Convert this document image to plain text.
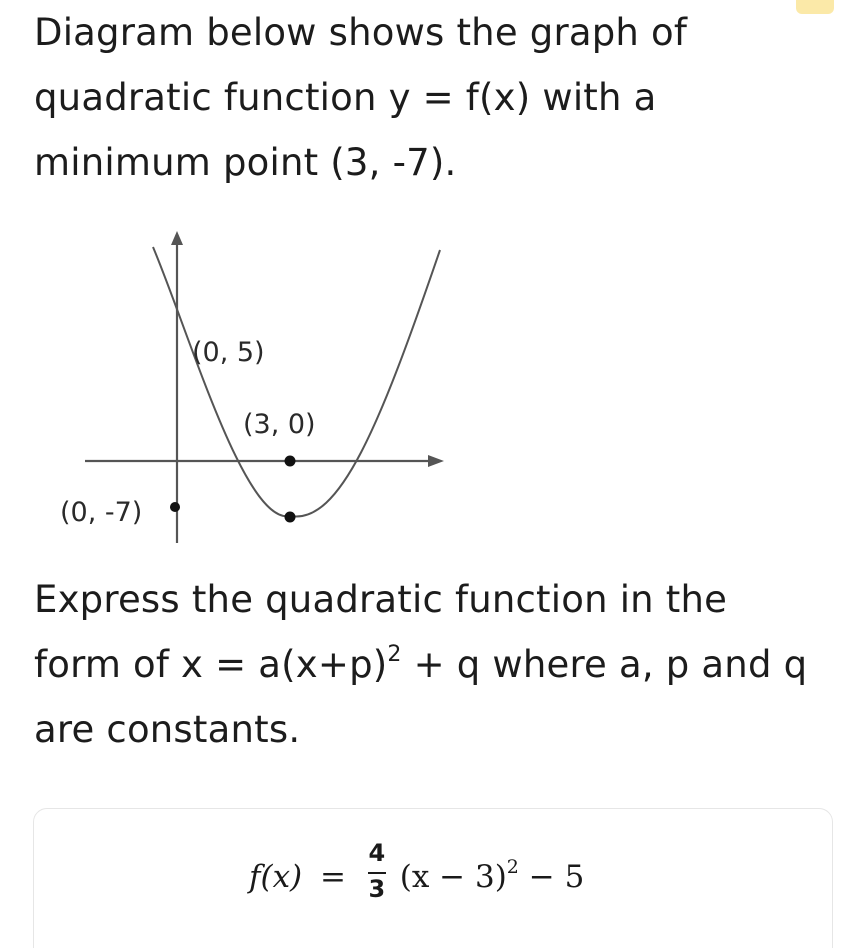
Diagram below shows the graph of
quadratic function y = f(x) with a
minimum point (3, -7).
(0, 5)
(3, 0)
(0, -7)
Express the quadratic function in the
form of $x = a(x+p)^2 + q$ where a, p and q
are constants.
$f(x) = \frac{4}{3} (x - 3)^2 - 5$
